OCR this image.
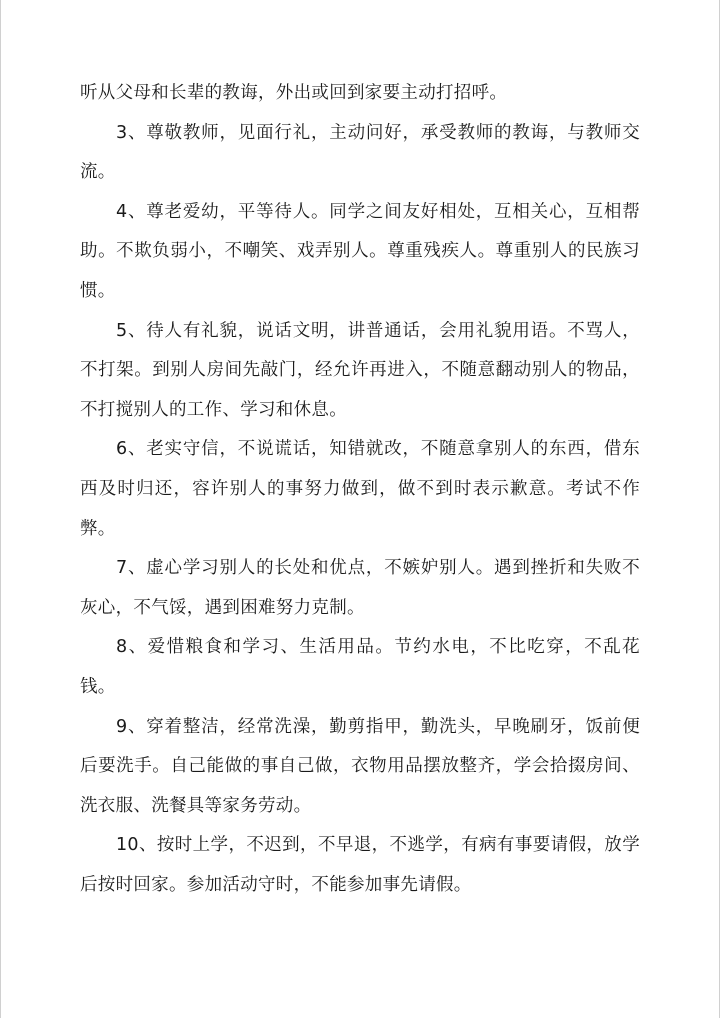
听从父母和长辈的教诲，外出或回到家要主动打招呼。

3、尊敬教师，见面行礼，主动问好，承受教师的教诲，与教师交流。

4、尊老爱幼，平等待人。同学之间友好相处，互相关心，互相帮助。不欺负弱小，不嘲笑、戏弄别人。尊重残疾人。尊重别人的民族习惯。

5、待人有礼貌，说话文明，讲普通话，会用礼貌用语。不骂人，不打架。到别人房间先敲门，经允许再进入，不随意翻动别人的物品，不打搅别人的工作、学习和休息。

6、老实守信，不说谎话，知错就改，不随意拿别人的东西，借东西及时归还，容许别人的事努力做到，做不到时表示歉意。考试不作弊。

7、虚心学习别人的长处和优点，不嫉妒别人。遇到挫折和失败不灰心，不气馁，遇到困难努力克制。

8、爱惜粮食和学习、生活用品。节约水电，不比吃穿，不乱花钱。

9、穿着整洁，经常洗澡，勤剪指甲，勤洗头，早晚刷牙，饭前便后要洗手。自己能做的事自己做，衣物用品摆放整齐，学会拾掇房间、洗衣服、洗餐具等家务劳动。

10、按时上学，不迟到，不早退，不逃学，有病有事要请假，放学后按时回家。参加活动守时，不能参加事先请假。
